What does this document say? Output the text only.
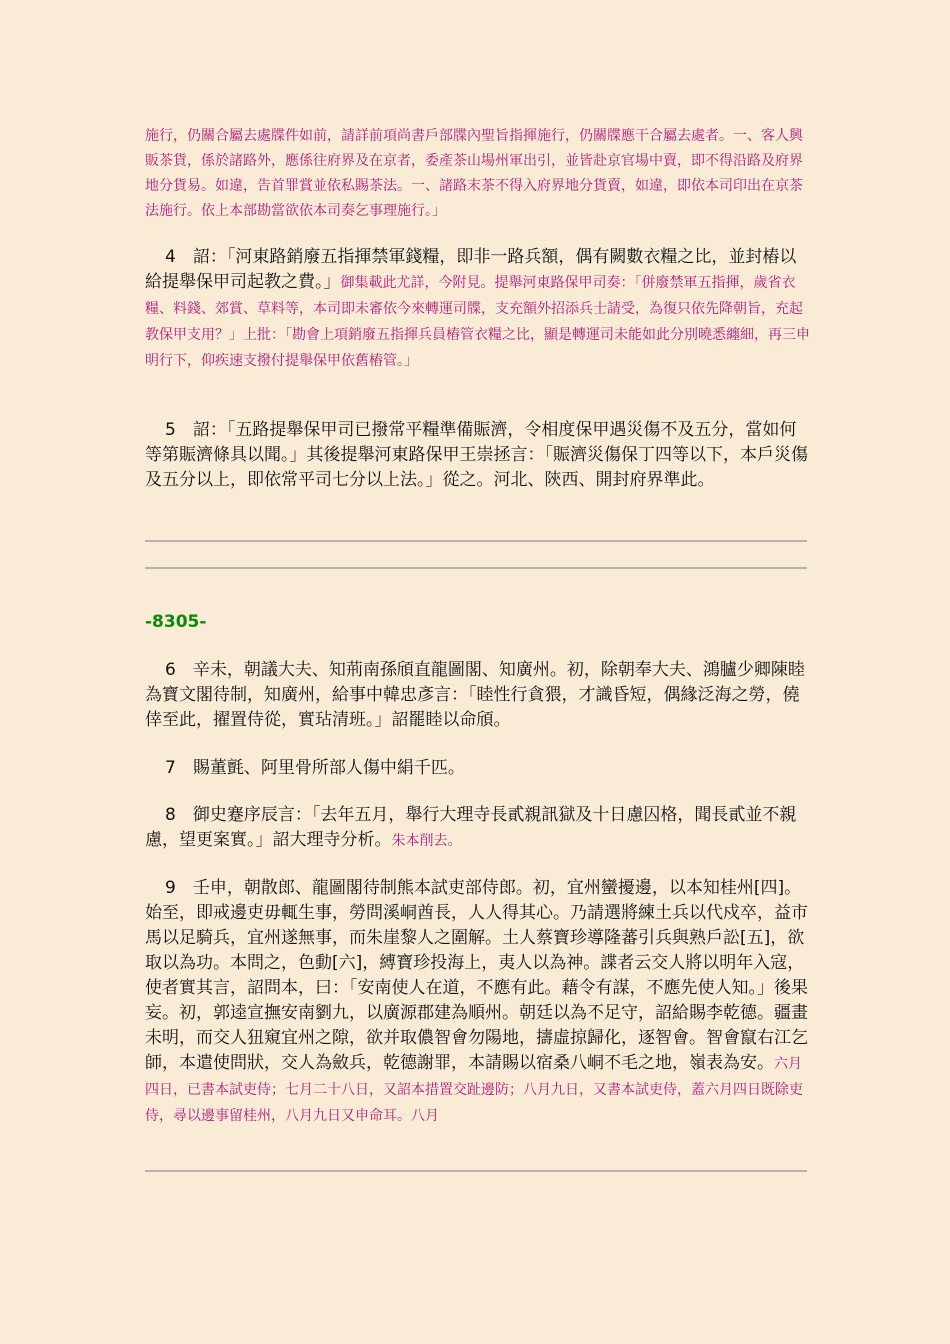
施行，仍關合屬去處牒件如前，請詳前項尚書戶部牒內聖旨指揮施行，仍關牒應干合屬去處者。一、客人興販茶貨，係於諸路外，應係往府界及在京者，委產茶山場州軍出引，並皆赴京官場中賣，即不得沿路及府界地分貨易。如違，告首罪賞並依私賜茶法。一、諸路末茶不得入府界地分貨賣，如違，即依本司印出在京茶法施行。依上本部勘當欲依本司奏乞事理施行。」
4　 詔：「河東路銷廢五指揮禁軍錢糧，即非一路兵額，偶有闕數衣糧之比，並封樁以給提舉保甲司起教之費。」御集載此尤詳，今附見。提舉河東路保甲司奏：「併廢禁軍五指揮，歲省衣糧、料錢、郊賞、草料等，本司即未審依今來轉運司牒，支充額外招添兵士請受，為復只依先降朝旨，充起教保甲支用？」上批：「勘會上項銷廢五指揮兵員樁管衣糧之比，顯是轉運司未能如此分別曉悉纏細，再三申明行下，仰疾速支撥付提舉保甲依舊樁管。」
5　 詔：「五路提舉保甲司已撥常平糧準備賑濟，令相度保甲遇災傷不及五分，當如何等第賑濟條具以聞。」其後提舉河東路保甲王崇拯言：「賑濟災傷保丁四等以下，本戶災傷及五分以上，即依常平司七分以上法。」從之。河北、陝西、開封府界準此。
-8305-
6　 辛未，朝議大夫、知荊南孫頎直龍圖閣、知廣州。初，除朝奉大夫、鴻臚少卿陳睦為寶文閣待制，知廣州，給事中韓忠彥言：「睦性行貪猥，才識昏短，偶緣泛海之勞，僥倖至此，擢置侍從，實玷清班。」詔罷睦以命頎。
7　 賜董氈、阿里骨所部人傷中絹千匹。
8　 御史蹇序辰言：「去年五月，舉行大理寺長貳親訊獄及十日慮囚格，聞長貳並不親慮，望更案實。」詔大理寺分析。朱本削去。
9　 壬申，朝散郎、龍圖閣待制熊本試吏部侍郎。初，宜州蠻擾邊，以本知桂州[四]。始至，即戒邊吏毋輒生事，勞問溪峒酋長，人人得其心。乃請選將練土兵以代戍卒，益市馬以足騎兵，宜州遂無事，而朱崖黎人之圍解。土人蔡寶珍導隆蕃引兵與熟戶訟[五]，欲取以為功。本問之，色動[六]，縛寶珍投海上，夷人以為神。諜者云交人將以明年入寇，使者實其言，詔問本，曰：「安南使人在道，不應有此。藉令有謀，不應先使人知。」後果妄。初，郭逵宣撫安南劉九，以廣源郡建為順州。朝廷以為不足守，詔給賜李乾德。疆畫未明，而交人狃窺宜州之隙，欲并取儂智會勿陽地，擣虛掠歸化，逐智會。智會竄右江乞師，本遣使問狀，交人為斂兵，乾德謝罪，本請賜以宿桑八峒不毛之地，嶺表為安。六月四日，已書本試吏侍；七月二十八日，又詔本措置交趾邊防；八月九日，又書本試吏侍，蓋六月四日既除吏侍，尋以邊事留桂州，八月九日又申命耳。八月
